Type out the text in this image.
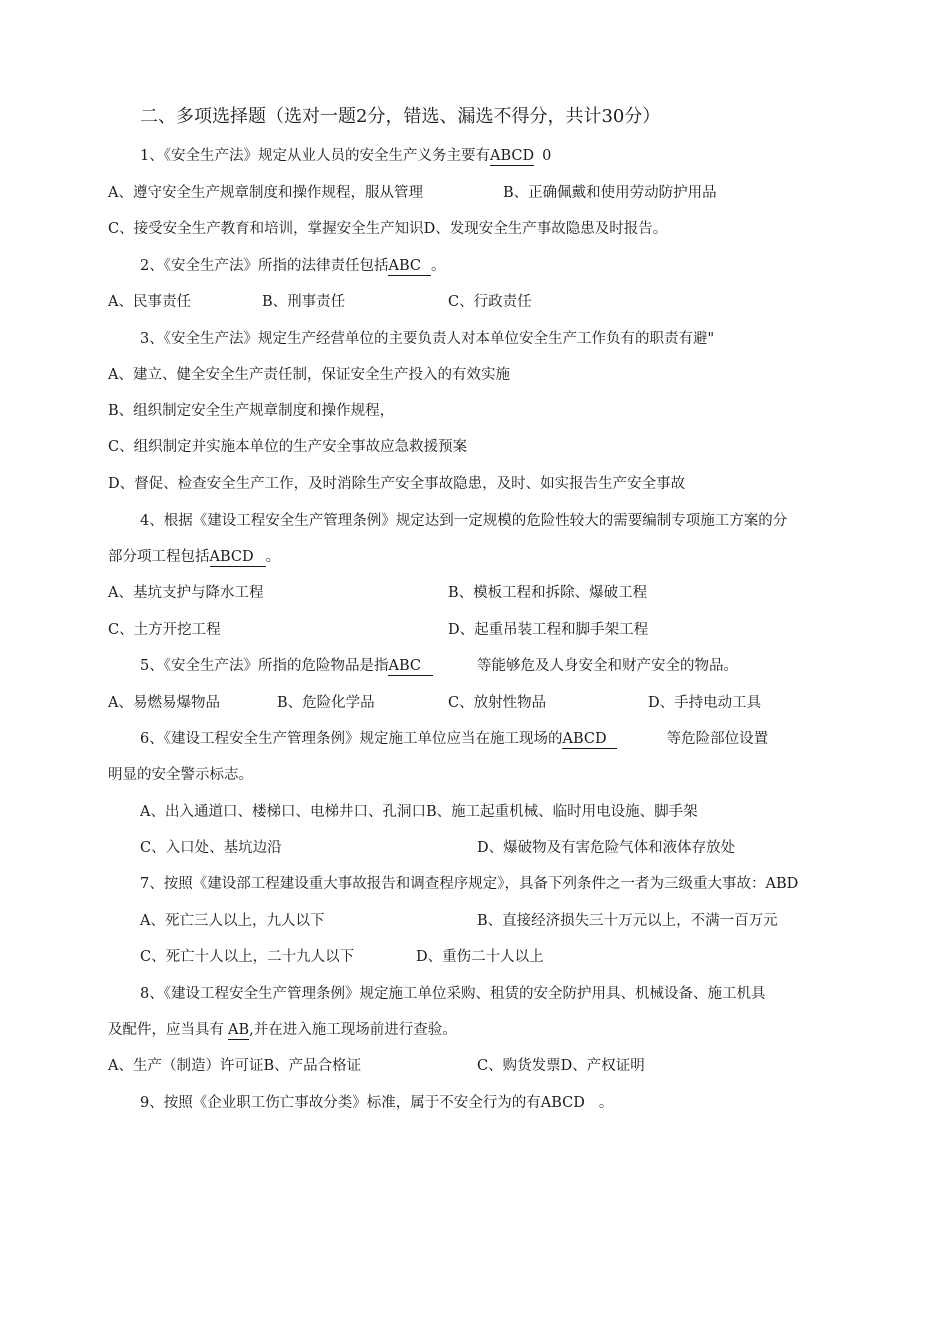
二、多项选择题（选对一题2分，错选、漏选不得分，共计30分）
1、《安全生产法》规定从业人员的安全生产义务主要有ABCD 0
A、遵守安全生产规章制度和操作规程，服从管理	B、正确佩戴和使用劳动防护用品
C、接受安全生产教育和培训，掌握安全生产知识D、发现安全生产事故隐患及时报告。
2、《安全生产法》所指的法律责任包括ABC 。
A、民事责任	B、刑事责任	C、行政责任
3、《安全生产法》规定生产经营单位的主要负责人对本单位安全生产工作负有的职责有避"
A、建立、健全安全生产责任制，保证安全生产投入的有效实施
B、组织制定安全生产规章制度和操作规程，
C、组织制定并实施本单位的生产安全事故应急救援预案
D、督促、检查安全生产工作，及时消除生产安全事故隐患，及时、如实报告生产安全事故
4、根据《建设工程安全生产管理条例》规定达到一定规模的危险性较大的需要编制专项施工方案的分
部分项工程包括ABCD 。
A、基坑支护与降水工程	B、模板工程和拆除、爆破工程
C、土方开挖工程	D、起重吊装工程和脚手架工程
5、《安全生产法》所指的危险物品是指ABC	等能够危及人身安全和财产安全的物品。
A、易燃易爆物品	B、危险化学品	C、放射性物品	D、手持电动工具
6、《建设工程安全生产管理条例》规定施工单位应当在施工现场的ABCD	等危险部位设置
明显的安全警示标志。
A、出入通道口、楼梯口、电梯井口、孔洞口B、施工起重机械、临时用电设施、脚手架
C、入口处、基坑边沿	D、爆破物及有害危险气体和液体存放处
7、按照《建设部工程建设重大事故报告和调查程序规定》，具备下列条件之一者为三级重大事故：ABD
A、死亡三人以上，九人以下	B、直接经济损失三十万元以上，不满一百万元
C、死亡十人以上，二十九人以下	D、重伤二十人以上
8、《建设工程安全生产管理条例》规定施工单位采购、租赁的安全防护用具、机械设备、施工机具
及配件，应当具有 AB,并在进入施工现场前进行查验。
A、生产（制造）许可证B、产品合格证	C、购货发票D、产权证明
9、按照《企业职工伤亡事故分类》标准，属于不安全行为的有ABCD 。
